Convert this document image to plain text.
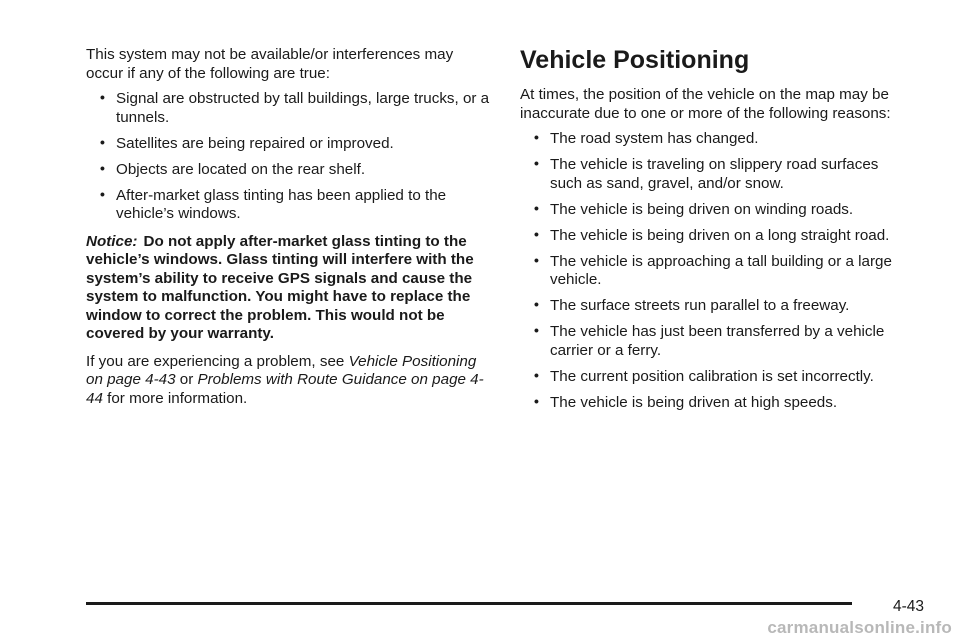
This system may not be available/or interferences may occur if any of the following are true:

• Signal are obstructed by tall buildings, large trucks, or a tunnels.
• Satellites are being repaired or improved.
• Objects are located on the rear shelf.
• After-market glass tinting has been applied to the vehicle’s windows.

Notice: Do not apply after-market glass tinting to the vehicle’s windows. Glass tinting will interfere with the system’s ability to receive GPS signals and cause the system to malfunction. You might have to replace the window to correct the problem. This would not be covered by your warranty.

If you are experiencing a problem, see Vehicle Positioning on page 4-43 or Problems with Route Guidance on page 4-44 for more information.

Vehicle Positioning

At times, the position of the vehicle on the map may be inaccurate due to one or more of the following reasons:

• The road system has changed.
• The vehicle is traveling on slippery road surfaces such as sand, gravel, and/or snow.
• The vehicle is being driven on winding roads.
• The vehicle is being driven on a long straight road.
• The vehicle is approaching a tall building or a large vehicle.
• The surface streets run parallel to a freeway.
• The vehicle has just been transferred by a vehicle carrier or a ferry.
• The current position calibration is set incorrectly.
• The vehicle is being driven at high speeds.
4-43
carmanualsonline.info
